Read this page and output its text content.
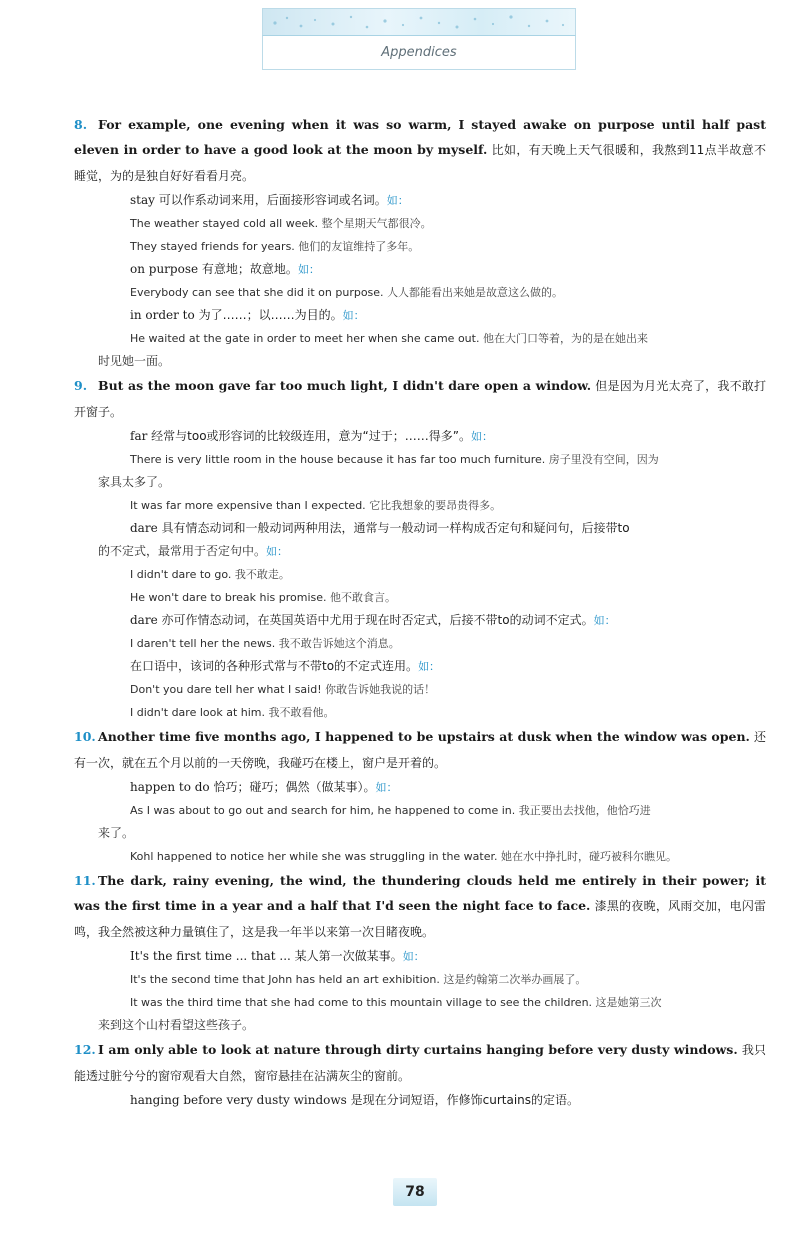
Appendices
8. For example, one evening when it was so warm, I stayed awake on purpose until half past eleven in order to have a good look at the moon by myself. 比如，有天晚上天气很暖和，我熬到11点半故意不睡觉，为的是独自好好看看月亮。
stay 可以作系动词来用，后面接形容词或名词。如：
The weather stayed cold all week. 整个星期天气都很冷。
They stayed friends for years. 他们的友谊维持了多年。
on purpose 有意地；故意地。如：
Everybody can see that she did it on purpose. 人人都能看出来她是故意这么做的。
in order to 为了……；以……为目的。如：
He waited at the gate in order to meet her when she came out. 他在大门口等着，为的是在她出来
时见她一面。
9. But as the moon gave far too much light, I didn't dare open a window. 但是因为月光太亮了，我不敢打开窗子。
far 经常与too或形容词的比较级连用，意为“过于；……得多”。如：
There is very little room in the house because it has far too much furniture. 房子里没有空间，因为
家具太多了。
It was far more expensive than I expected. 它比我想象的要昂贵得多。
dare 具有情态动词和一般动词两种用法，通常与一般动词一样构成否定句和疑问句，后接带to
的不定式，最常用于否定句中。如：
I didn't dare to go. 我不敢走。
He won't dare to break his promise. 他不敢食言。
dare 亦可作情态动词，在英国英语中尤用于现在时否定式，后接不带to的动词不定式。如：
I daren't tell her the news. 我不敢告诉她这个消息。
在口语中，该词的各种形式常与不带to的不定式连用。如：
Don't you dare tell her what I said! 你敢告诉她我说的话！
I didn't dare look at him. 我不敢看他。
10. Another time five months ago, I happened to be upstairs at dusk when the window was open. 还有一次，就在五个月以前的一天傍晚，我碰巧在楼上，窗户是开着的。
happen to do 恰巧；碰巧；偶然（做某事）。如：
As I was about to go out and search for him, he happened to come in. 我正要出去找他，他恰巧进
来了。
Kohl happened to notice her while she was struggling in the water. 她在水中挣扎时，碰巧被科尔瞧见。
11. The dark, rainy evening, the wind, the thundering clouds held me entirely in their power; it was the first time in a year and a half that I'd seen the night face to face. 漆黑的夜晚，风雨交加，电闪雷鸣，我全然被这种力量镇住了，这是我一年半以来第一次目睹夜晚。
It's the first time ... that ... 某人第一次做某事。如：
It's the second time that John has held an art exhibition. 这是约翰第二次举办画展了。
It was the third time that she had come to this mountain village to see the children. 这是她第三次
来到这个山村看望这些孩子。
12. I am only able to look at nature through dirty curtains hanging before very dusty windows. 我只能透过脏兮兮的窗帘观看大自然，窗帘悬挂在沾满灰尘的窗前。
hanging before very dusty windows 是现在分词短语，作修饰curtains的定语。
78
